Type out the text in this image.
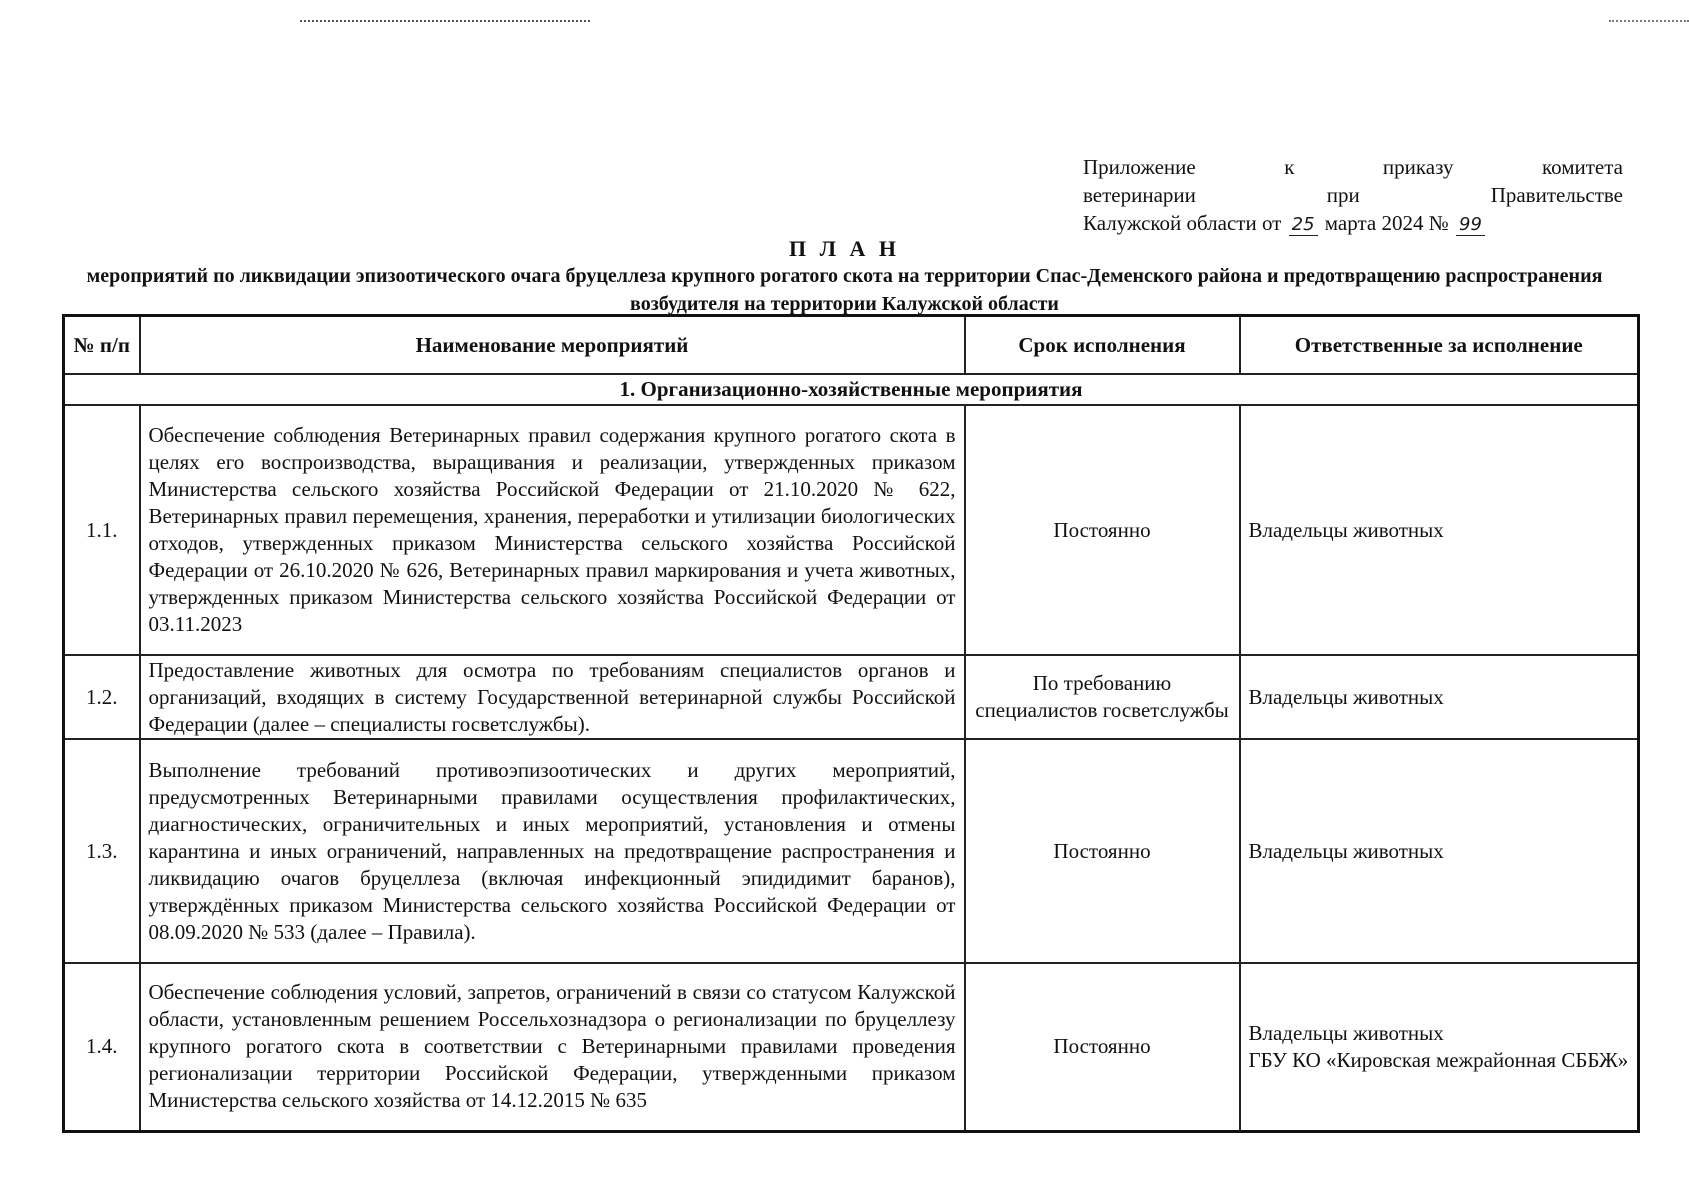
Приложение	к	приказу	комитета
ветеринарии	при	Правительстве
Калужской области от 25 марта 2024 № 99
П Л А Н
мероприятий по ликвидации эпизоотического очага бруцеллеза крупного рогатого скота на территории Спас-Деменского района и предотвращению распространения возбудителя на территории Калужской области
№ п/п	Наименование мероприятий	Срок исполнения	Ответственные за исполнение
1. Организационно-хозяйственные мероприятия			
1.1.	Обеспечение соблюдения Ветеринарных правил содержания крупного рогатого скота в целях его воспроизводства, выращивания и реализации, утвержденных приказом Министерства сельского хозяйства Российской Федерации от 21.10.2020 № 622, Ветеринарных правил перемещения, хранения, переработки и утилизации биологических отходов, утвержденных приказом Министерства сельского хозяйства Российской Федерации от 26.10.2020 № 626, Ветеринарных правил маркирования и учета животных, утвержденных приказом Министерства сельского хозяйства Российской Федерации от 03.11.2023	Постоянно	Владельцы животных

1.2.	Предоставление животных для осмотра по требованиям специалистов органов и организаций, входящих в систему Государственной ветеринарной службы Российской Федерации (далее – специалисты госветслужбы).	По требованию специалистов госветслужбы	Владельцы животных

1.3.	Выполнение требований противоэпизоотических и других мероприятий, предусмотренных Ветеринарными правилами осуществления профилактических, диагностических, ограничительных и иных мероприятий, установления и отмены карантина и иных ограничений, направленных на предотвращение распространения и ликвидацию очагов бруцеллеза (включая инфекционный эпидидимит баранов), утверждённых приказом Министерства сельского хозяйства Российской Федерации от 08.09.2020 № 533 (далее – Правила).	Постоянно	Владельцы животных

1.4.	Обеспечение соблюдения условий, запретов, ограничений в связи со статусом Калужской области, установленным решением Россельхознадзора о регионализации по бруцеллезу крупного рогатого скота в соответствии с Ветеринарными правилами проведения регионализации территории Российской Федерации, утвержденными приказом Министерства сельского хозяйства от 14.12.2015 № 635	Постоянно	Владельцы животных
ГБУ КО «Кировская межрайонная СББЖ»
